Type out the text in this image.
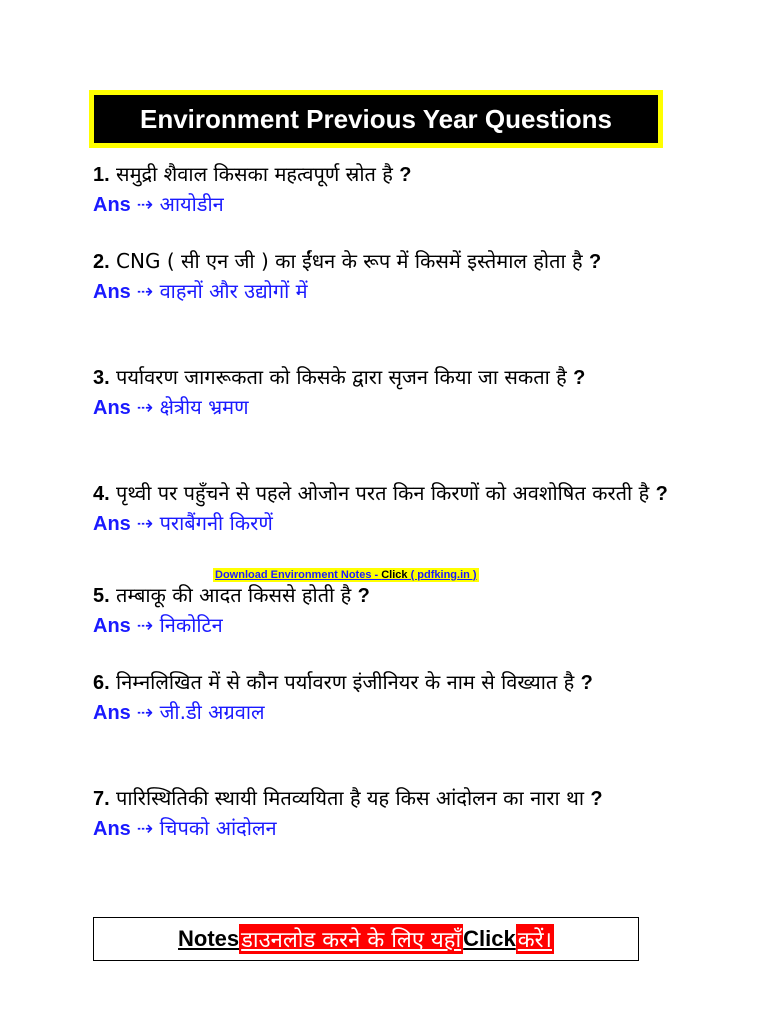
Environment Previous Year Questions

1. समुद्री शैवाल किसका महत्वपूर्ण स्रोत है ?

Ans ⇢ आयोडीन

2. CNG ( सी एन जी ) का ईंधन के रूप में किसमें इस्तेमाल होता है ?

Ans ⇢ वाहनों और उद्योगों में

3. पर्यावरण जागरूकता को किसके द्वारा सृजन किया जा सकता है ?

Ans ⇢ क्षेत्रीय भ्रमण

4. पृथ्वी पर पहुँचने से पहले ओजोन परत किन किरणों को अवशोषित करती है ?

Ans ⇢ पराबैंगनी किरणें

Download Environment Notes - Click ( pdfking.in )

5. तम्बाकू की आदत किससे होती है ?

Ans ⇢ निकोटिन

6. निम्नलिखित में से कौन पर्यावरण इंजीनियर के नाम से विख्यात है ?

Ans ⇢ जी.डी अग्रवाल

7. पारिस्थितिकी स्थायी मितव्ययिता है यह किस आंदोलन का नारा था ?

Ans ⇢ चिपको आंदोलन

Notes डाउनलोड करने के लिए यहाँ Click करें।
